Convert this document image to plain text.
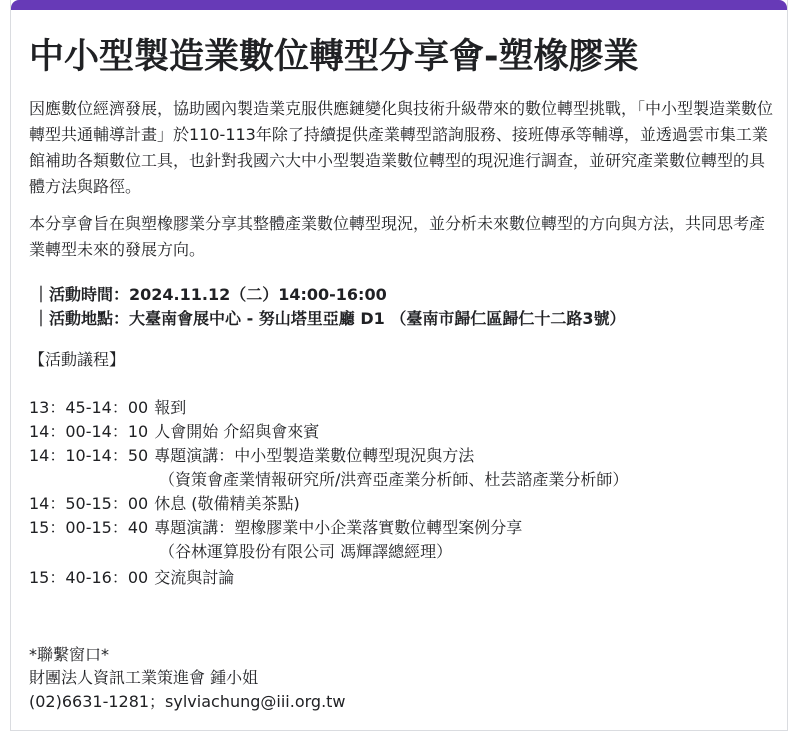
中小型製造業數位轉型分享會-塑橡膠業
因應數位經濟發展，協助國內製造業克服供應鏈變化與技術升級帶來的數位轉型挑戰，「中小型製造業數位轉型共通輔導計畫」於110-113年除了持續提供產業轉型諮詢服務、接班傳承等輔導，並透過雲市集工業館補助各類數位工具，也針對我國六大中小型製造業數位轉型的現況進行調查，並研究產業數位轉型的具體方法與路徑。
本分享會旨在與塑橡膠業分享其整體產業數位轉型現況，並分析未來數位轉型的方向與方法，共同思考產業轉型未來的發展方向。
｜活動時間：2024.11.12（二）14:00-16:00
｜活動地點：大臺南會展中心 - 努山塔里亞廳 D1 （臺南市歸仁區歸仁十二路3號）
【活動議程】
13：45-14：00 報到
14：00-14：10 人會開始 介紹與會來賓
14：10-14：50 專題演講：中小型製造業數位轉型現況與方法
（資策會產業情報研究所/洪齊亞產業分析師、杜芸諮產業分析師）
14：50-15：00 休息 (敬備精美茶點)
15：00-15：40 專題演講：塑橡膠業中小企業落實數位轉型案例分享
（谷林運算股份有限公司 馮輝譯總經理）
15：40-16：00 交流與討論
*聯繫窗口*
財團法人資訊工業策進會 鍾小姐
(02)6631-1281；sylviachung@iii.org.tw
